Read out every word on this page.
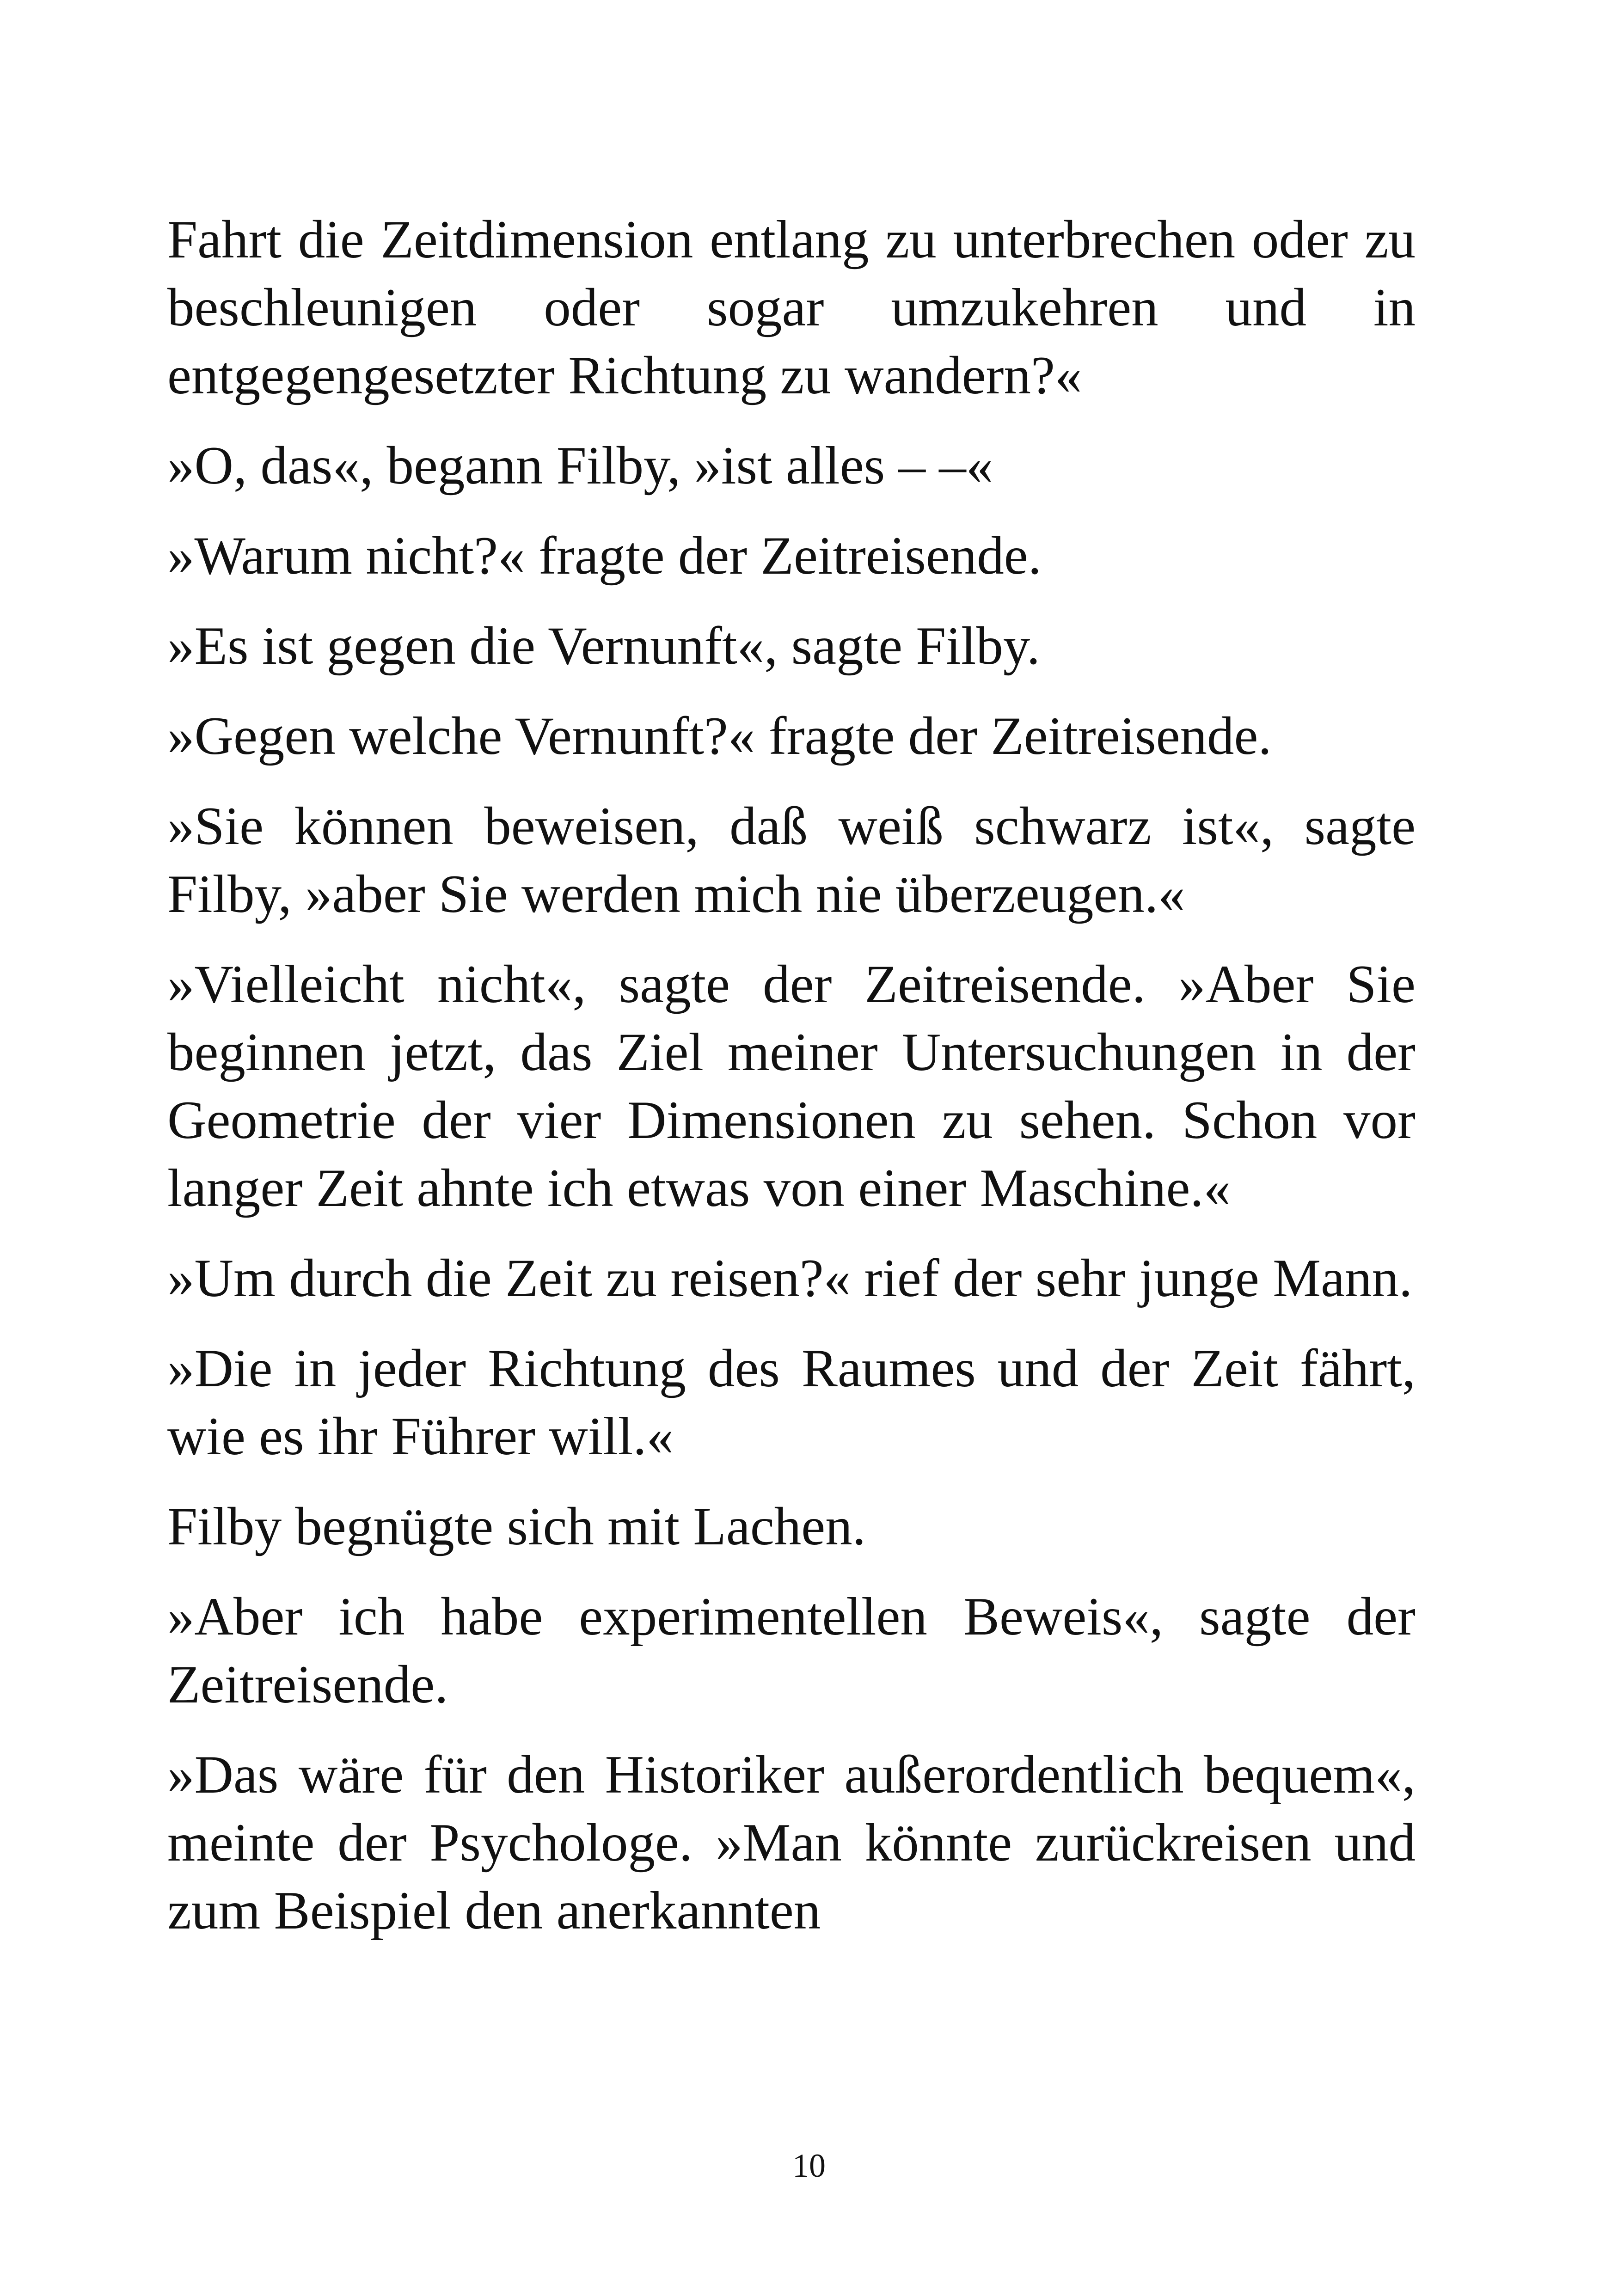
Fahrt die Zeitdimension entlang zu unterbrechen oder zu beschleunigen oder sogar umzukehren und in entgegengesetzter Richtung zu wandern?«

»O, das«, begann Filby, »ist alles – –«

»Warum nicht?« fragte der Zeitreisende.

»Es ist gegen die Vernunft«, sagte Filby.

»Gegen welche Vernunft?« fragte der Zeitreisende.

»Sie können beweisen, daß weiß schwarz ist«, sagte Filby, »aber Sie werden mich nie überzeugen.«

»Vielleicht nicht«, sagte der Zeitreisende. »Aber Sie beginnen jetzt, das Ziel meiner Untersuchungen in der Geometrie der vier Dimensionen zu sehen. Schon vor langer Zeit ahnte ich etwas von einer Maschine.«

»Um durch die Zeit zu reisen?« rief der sehr junge Mann.

»Die in jeder Richtung des Raumes und der Zeit fährt, wie es ihr Führer will.«

Filby begnügte sich mit Lachen.

»Aber ich habe experimentellen Beweis«, sagte der Zeitreisende.

»Das wäre für den Historiker außerordentlich bequem«, meinte der Psychologe. »Man könnte zurückreisen und zum Beispiel den anerkannten

10
